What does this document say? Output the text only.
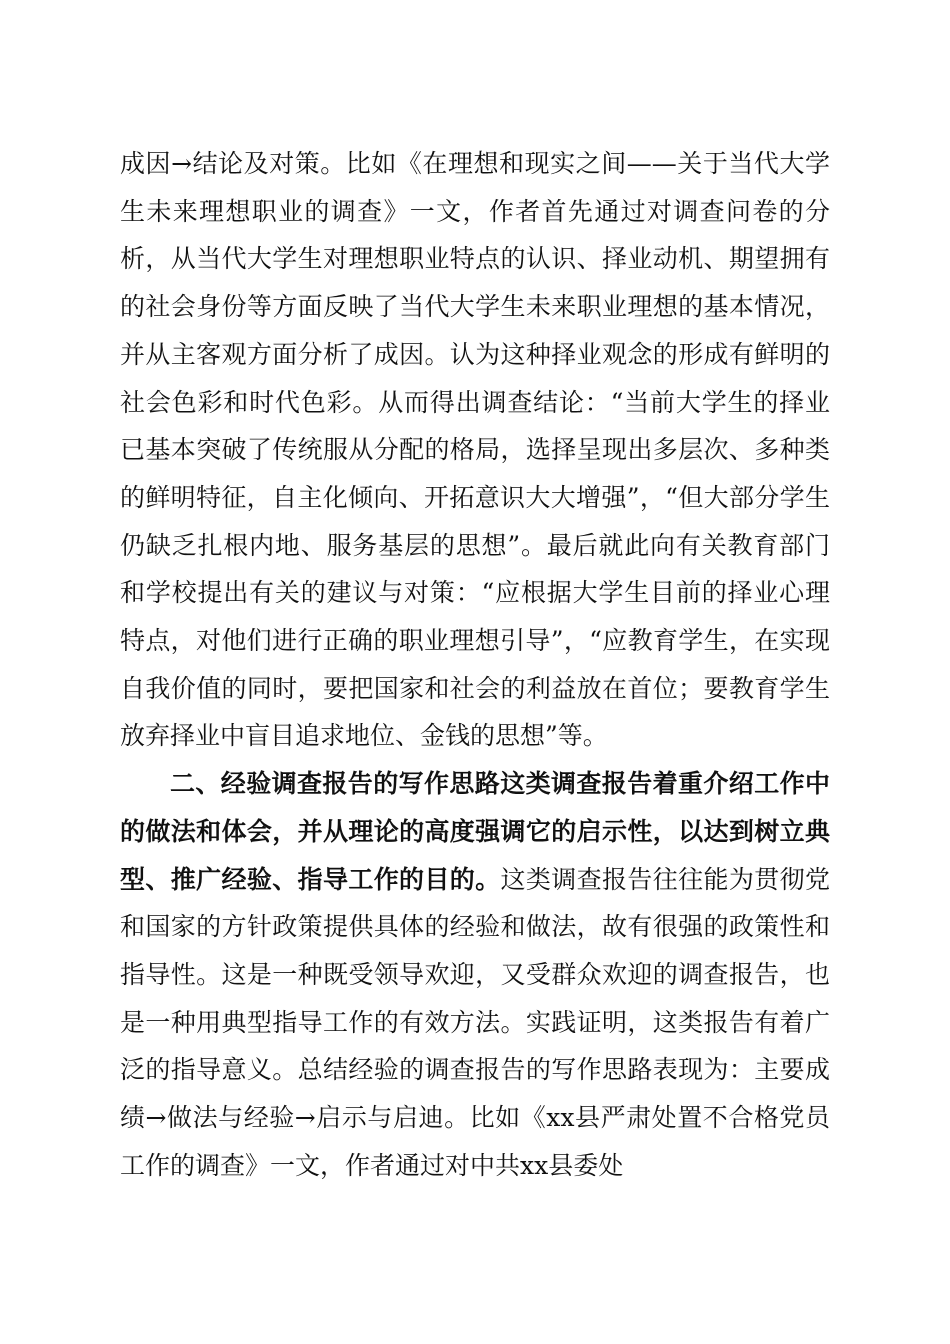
成因→结论及对策。比如《在理想和现实之间——关于当代大学生未来理想职业的调查》一文，作者首先通过对调查问卷的分析，从当代大学生对理想职业特点的认识、择业动机、期望拥有的社会身份等方面反映了当代大学生未来职业理想的基本情况，并从主客观方面分析了成因。认为这种择业观念的形成有鲜明的社会色彩和时代色彩。从而得出调查结论：“当前大学生的择业已基本突破了传统服从分配的格局，选择呈现出多层次、多种类的鲜明特征，自主化倾向、开拓意识大大增强”，“但大部分学生仍缺乏扎根内地、服务基层的思想”。最后就此向有关教育部门和学校提出有关的建议与对策：“应根据大学生目前的择业心理特点，对他们进行正确的职业理想引导”，“应教育学生，在实现自我价值的同时，要把国家和社会的利益放在首位；要教育学生放弃择业中盲目追求地位、金钱的思想”等。

二、经验调查报告的写作思路这类调查报告着重介绍工作中的做法和体会，并从理论的高度强调它的启示性，以达到树立典型、推广经验、指导工作的目的。这类调查报告往往能为贯彻党和国家的方针政策提供具体的经验和做法，故有很强的政策性和指导性。这是一种既受领导欢迎，又受群众欢迎的调查报告，也是一种用典型指导工作的有效方法。实践证明，这类报告有着广泛的指导意义。总结经验的调查报告的写作思路表现为：主要成绩→做法与经验→启示与启迪。比如《xx县严肃处置不合格党员工作的调查》一文，作者通过对中共xx县委处
